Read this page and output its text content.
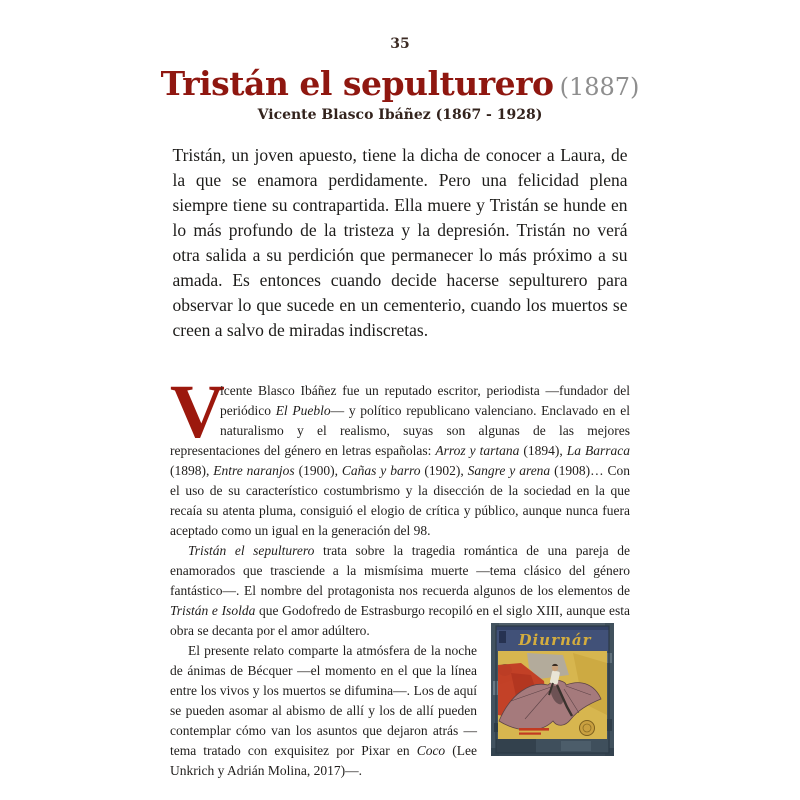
35
Tristán el sepulturero (1887)
Vicente Blasco Ibáñez (1867 - 1928)
Tristán, un joven apuesto, tiene la dicha de conocer a Laura, de la que se enamora perdidamente. Pero una felicidad plena siempre tiene su contrapartida. Ella muere y Tristán se hunde en lo más profundo de la tristeza y la depresión. Tristán no verá otra salida a su perdición que permanecer lo más próximo a su amada. Es entonces cuando decide hacerse sepulturero para observar lo que sucede en un cementerio, cuando los muertos se creen a salvo de miradas indiscretas.

V
icente Blasco Ibáñez fue un reputado escritor, periodista —fundador del periódico El Pueblo— y político republicano valenciano. Enclavado en el naturalismo y el realismo, suyas son algunas de las mejores representaciones del género en letras españolas: Arroz y tartana (1894), La Barraca (1898), Entre naranjos (1900), Cañas y barro (1902), Sangre y arena (1908)… Con el uso de su característico costumbrismo y la disección de la sociedad en la que recaía su atenta pluma, consiguió el elogio de crítica y público, aunque nunca fuera aceptado como un igual en la generación del 98.

Tristán el sepulturero trata sobre la tragedia romántica de una pareja de enamorados que trasciende a la mismísima muerte —tema clásico del género fantástico—. El nombre del protagonista nos recuerda algunos de los elementos de Tristán e Isolda que Godofredo de Estrasburgo recopiló en el siglo XIII, aunque esta obra se decanta por el amor adúltero.

Diurnár

El presente relato comparte la atmósfera de la noche de ánimas de Bécquer —el momento en el que la línea entre los vivos y los muertos se difumina—. Los de aquí se pueden asomar al abismo de allí y los de allí pueden contemplar cómo van los asuntos que dejaron atrás —tema tratado con exquisitez por Pixar en Coco (Lee Unkrich y Adrián Molina, 2017)—.
